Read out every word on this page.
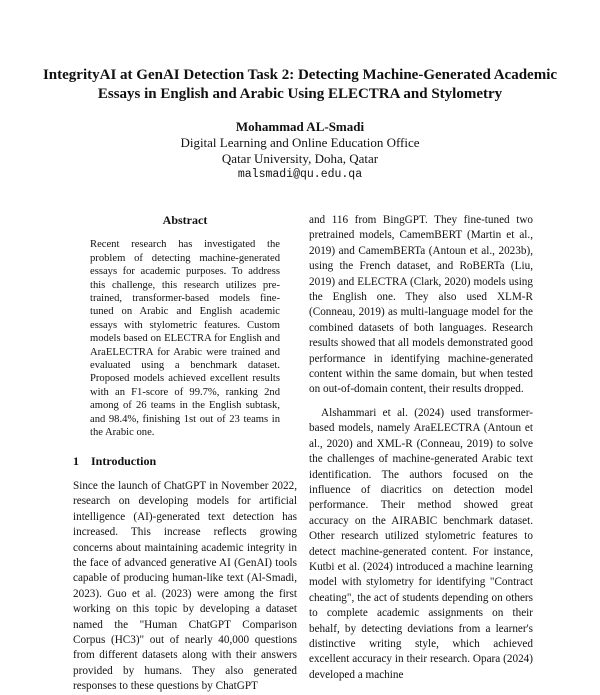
IntegrityAI at GenAI Detection Task 2: Detecting Machine-Generated Academic Essays in English and Arabic Using ELECTRA and Stylometry
Mohammad AL-Smadi
Digital Learning and Online Education Office
Qatar University, Doha, Qatar
malsmadi@qu.edu.qa
Abstract

Recent research has investigated the problem of detecting machine-generated essays for academic purposes. To address this challenge, this research utilizes pre-trained, transformer-based models fine-tuned on Arabic and English academic essays with stylometric features. Custom models based on ELECTRA for English and AraELECTRA for Arabic were trained and evaluated using a benchmark dataset. Proposed models achieved excellent results with an F1-score of 99.7%, ranking 2nd among of 26 teams in the English subtask, and 98.4%, finishing 1st out of 23 teams in the Arabic one.

1 Introduction

Since the launch of ChatGPT in November 2022, research on developing models for artificial intelligence (AI)-generated text detection has increased. This increase reflects growing concerns about maintaining academic integrity in the face of advanced generative AI (GenAI) tools capable of producing human-like text (Al-Smadi, 2023). Guo et al. (2023) were among the first working on this topic by developing a dataset named the "Human ChatGPT Comparison Corpus (HC3)" out of nearly 40,000 questions from different datasets along with their answers provided by humans. They also generated responses to these questions by ChatGPT

and 116 from BingGPT. They fine-tuned two pretrained models, CamemBERT (Martin et al., 2019) and CamemBERTa (Antoun et al., 2023b), using the French dataset, and RoBERTa (Liu, 2019) and ELECTRA (Clark, 2020) models using the English one. They also used XLM-R (Conneau, 2019) as multi-language model for the combined datasets of both languages. Research results showed that all models demonstrated good performance in identifying machine-generated content within the same domain, but when tested on out-of-domain content, their results dropped.

Alshammari et al. (2024) used transformer-based models, namely AraELECTRA (Antoun et al., 2020) and XML-R (Conneau, 2019) to solve the challenges of machine-generated Arabic text identification. The authors focused on the influence of diacritics on detection model performance. Their method showed great accuracy on the AIRABIC benchmark dataset. Other research utilized stylometric features to detect machine-generated content. For instance, Kutbi et al. (2024) introduced a machine learning model with stylometry for identifying "Contract cheating", the act of students depending on others to complete academic assignments on their behalf, by detecting deviations from a learner's distinctive writing style, which achieved excellent accuracy in their research. Opara (2024) developed a machine
